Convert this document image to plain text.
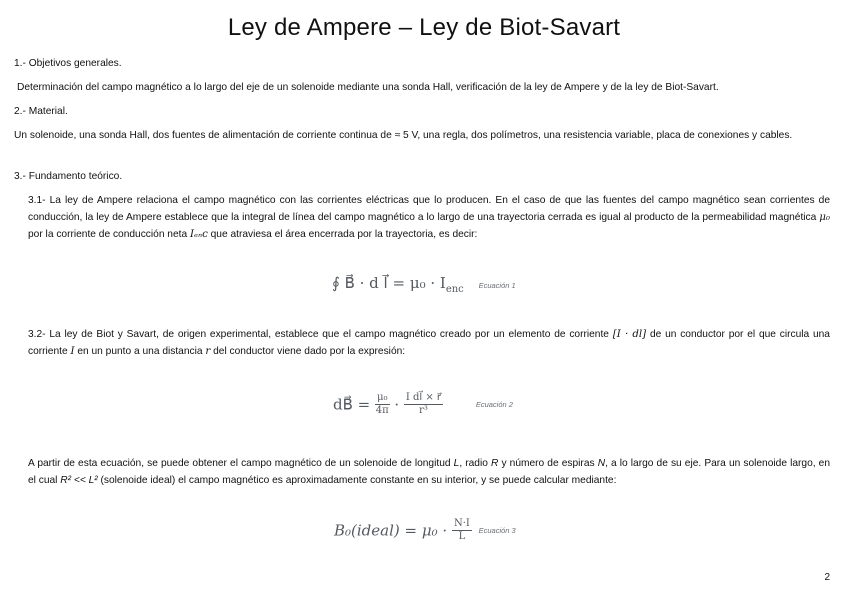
Ley de Ampere – Ley de Biot-Savart

1.- Objetivos generales.

Determinación del campo magnético a lo largo del eje de un solenoide mediante una sonda Hall, verificación de la ley de Ampere y de la ley de Biot-Savart.

2.- Material.

Un solenoide, una sonda Hall, dos fuentes de alimentación de corriente continua de ≈ 5 V, una regla, dos polímetros, una resistencia variable, placa de conexiones y cables.

3.- Fundamento teórico.

3.1- La ley de Ampere relaciona el campo magnético con las corrientes eléctricas que lo producen. En el caso de que las fuentes del campo magnético sean corrientes de conducción, la ley de Ampere establece que la integral de línea del campo magnético a lo largo de una trayectoria cerrada es igual al producto de la permeabilidad magnética μ₀ por la corriente de conducción neta Iₑₙᴄ que atraviesa el área encerrada por la trayectoria, es decir:

∮ B⃗ · d l⃗ = $\mu_0 \cdot I_{enc}$ Ecuación 1

3.2- La ley de Biot y Savart, de origen experimental, establece que el campo magnético creado por un elemento de corriente [I · dl] de un conductor por el que circula una corriente I en un punto a una distancia r del conductor viene dado por la expresión:

dB⃗ = $\frac{\text{μ₀}}{4\pi} \cdot \frac{\text{I dl⃗ × r⃗}}{\text{r³}}$	Ecuación 2

A partir de esta ecuación, se puede obtener el campo magnético de un solenoide de longitud L, radio R y número de espiras N, a lo largo de su eje. Para un solenoide largo, en el cual R² << L² (solenoide ideal) el campo magnético es aproximadamente constante en su interior, y se puede calcular mediante:

B₀(ideal) = $\mu_0 \cdot \frac{N\cdot I}{L}$ Ecuación 3
2
